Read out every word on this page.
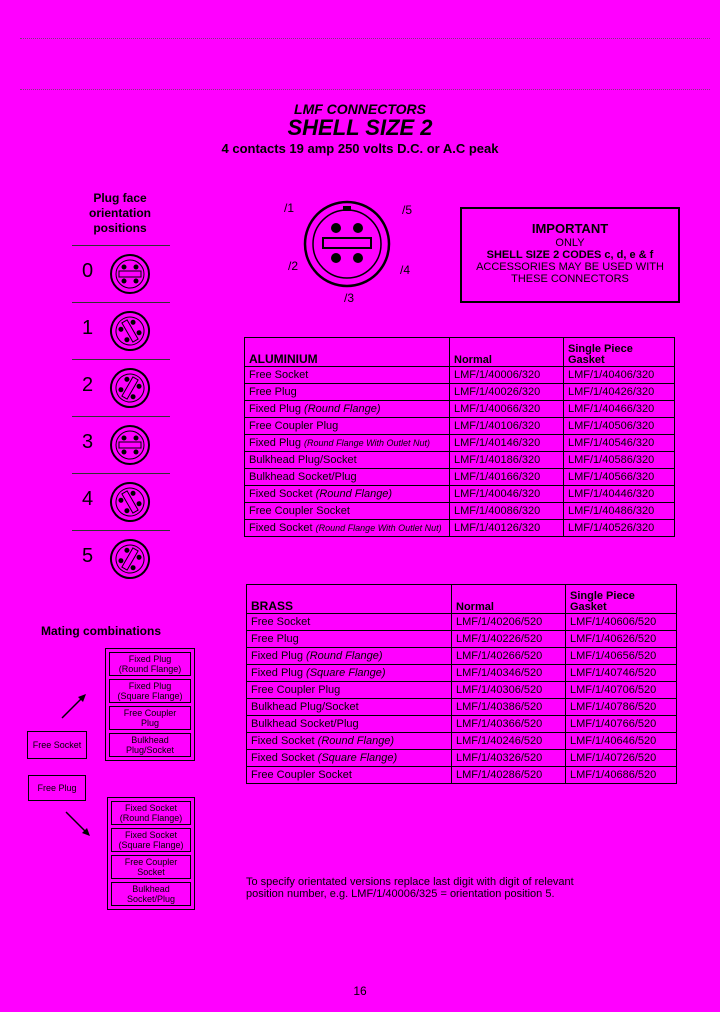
LMF CONNECTORS
SHELL SIZE 2
4 contacts 19 amp 250 volts D.C. or A.C peak
Plug face
orientation
positions
0
1
2
3
4
5
/1	/5
/2	/4
/3
IMPORTANT
ONLY
SHELL SIZE 2 CODES c, d, e & f
ACCESSORIES MAY BE USED WITH
THESE CONNECTORS
ALUMINIUM	Normal	Single Piece Gasket
Free Socket	LMF/1/40006/320	LMF/1/40406/320
Free Plug	LMF/1/40026/320	LMF/1/40426/320
Fixed Plug (Round Flange)	LMF/1/40066/320	LMF/1/40466/320
Free Coupler Plug	LMF/1/40106/320	LMF/1/40506/320
Fixed Plug (Round Flange With Outlet Nut)	LMF/1/40146/320	LMF/1/40546/320
Bulkhead Plug/Socket	LMF/1/40186/320	LMF/1/40586/320
Bulkhead Socket/Plug	LMF/1/40166/320	LMF/1/40566/320
Fixed Socket (Round Flange)	LMF/1/40046/320	LMF/1/40446/320
Free Coupler Socket	LMF/1/40086/320	LMF/1/40486/320
Fixed Socket (Round Flange With Outlet Nut)	LMF/1/40126/320	LMF/1/40526/320
BRASS	Normal	Single Piece Gasket
Free Socket	LMF/1/40206/520	LMF/1/40606/520
Free Plug	LMF/1/40226/520	LMF/1/40626/520
Fixed Plug (Round Flange)	LMF/1/40266/520	LMF/1/40656/520
Fixed Plug (Square Flange)	LMF/1/40346/520	LMF/1/40746/520
Free Coupler Plug	LMF/1/40306/520	LMF/1/40706/520
Bulkhead Plug/Socket	LMF/1/40386/520	LMF/1/40786/520
Bulkhead Socket/Plug	LMF/1/40366/520	LMF/1/40766/520
Fixed Socket (Round Flange)	LMF/1/40246/520	LMF/1/40646/520
Fixed Socket (Square Flange)	LMF/1/40326/520	LMF/1/40726/520
Free Coupler Socket	LMF/1/40286/520	LMF/1/40686/520
Mating combinations
Fixed Plug
(Round Flange)
Fixed Plug
(Square Flange)
Free Coupler
Plug
Bulkhead
Plug/Socket
Free Socket
Free Plug
Fixed Socket
(Round Flange)
Fixed Socket
(Square Flange)
Free Coupler
Socket
Bulkhead
Socket/Plug
To specify orientated versions replace last digit with digit of relevant
position number, e.g. LMF/1/40006/325 = orientation position 5.
16
